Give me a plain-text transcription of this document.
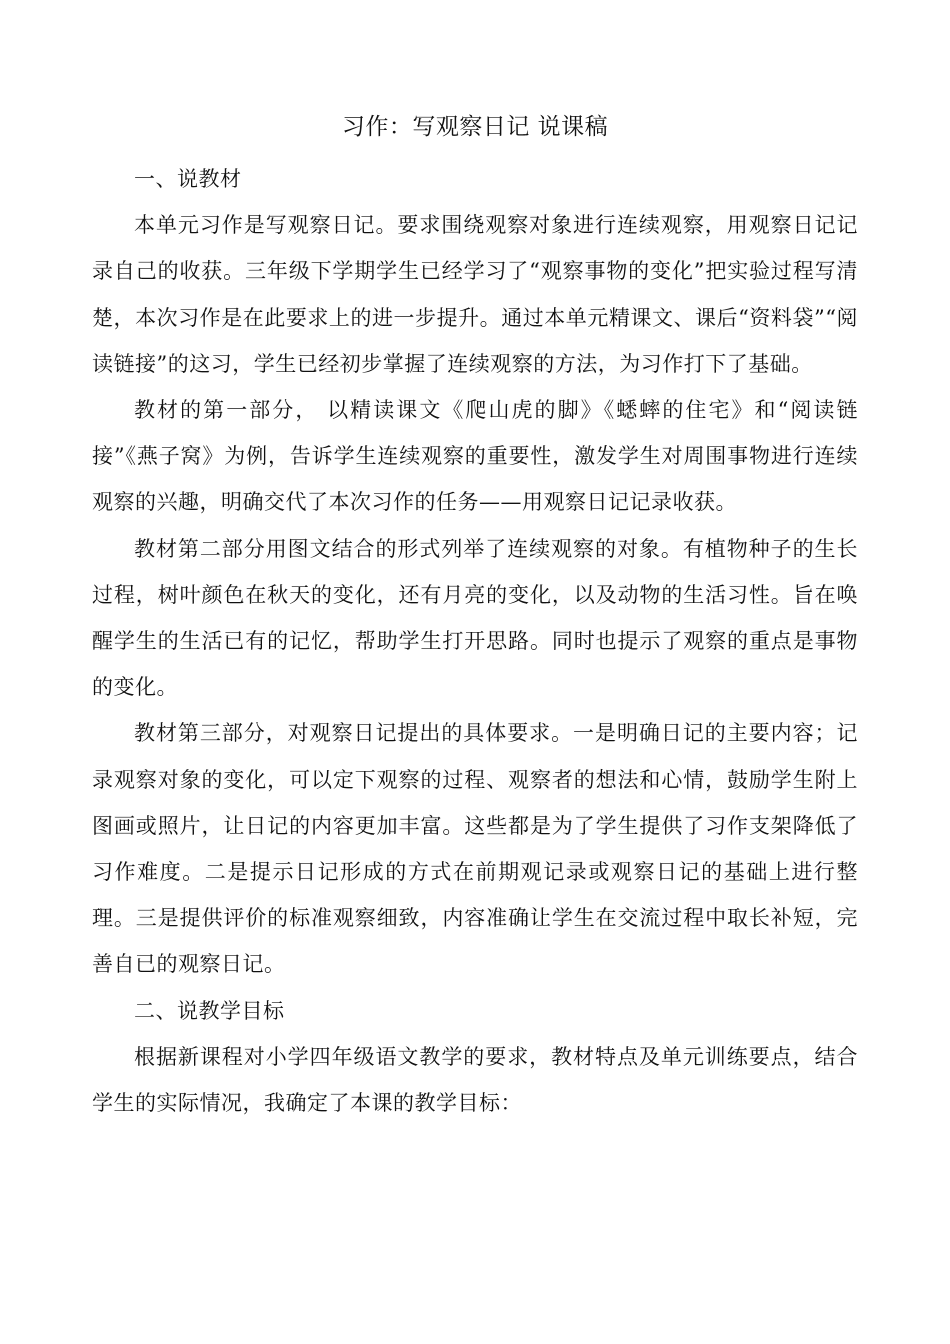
习作：写观察日记 说课稿

一、说教材

本单元习作是写观察日记。要求围绕观察对象进行连续观察，用观察日记记录自己的收获。三年级下学期学生已经学习了“观察事物的变化”把实验过程写清楚，本次习作是在此要求上的进一步提升。通过本单元精课文、课后“资料袋”“阅读链接”的这习，学生已经初步掌握了连续观察的方法，为习作打下了基础。

教材的第一部分， 以精读课文《爬山虎的脚》《蟋蟀的住宅》和“阅读链接”《燕子窝》为例，告诉学生连续观察的重要性，激发学生对周围事物进行连续观察的兴趣，明确交代了本次习作的任务——用观察日记记录收获。

教材第二部分用图文结合的形式列举了连续观察的对象。有植物种子的生长过程，树叶颜色在秋天的变化，还有月亮的变化，以及动物的生活习性。旨在唤醒学生的生活已有的记忆，帮助学生打开思路。同时也提示了观察的重点是事物的变化。

教材第三部分，对观察日记提出的具体要求。一是明确日记的主要内容；记录观察对象的变化，可以定下观察的过程、观察者的想法和心情，鼓励学生附上图画或照片，让日记的内容更加丰富。这些都是为了学生提供了习作支架降低了习作难度。二是提示日记形成的方式在前期观记录或观察日记的基础上进行整理。三是提供评价的标准观察细致，内容准确让学生在交流过程中取长补短，完善自已的观察日记。

二、说教学目标

根据新课程对小学四年级语文教学的要求，教材特点及单元训练要点，结合学生的实际情况，我确定了本课的教学目标：
